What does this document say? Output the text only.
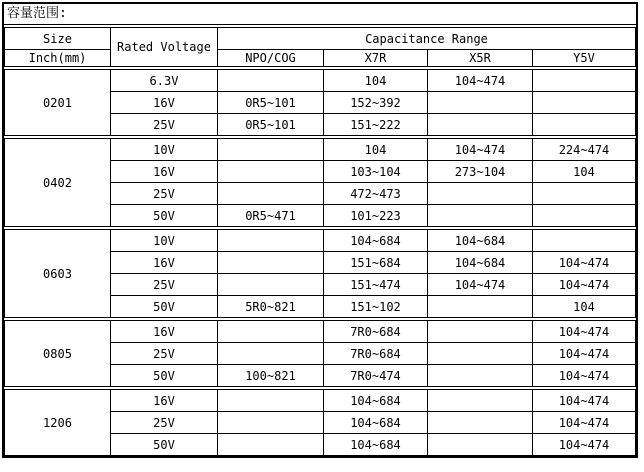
容量范围:
Size	Rated Voltage	Capacitance Range			
Inch(mm)		NPO/COG	X7R	X5R	Y5V
0201	6.3V		104	104~474	
	16V	0R5~101	152~392		
	25V	0R5~101	151~222		
0402	10V		104	104~474	224~474
	16V		103~104	273~104	104
	25V		472~473		
	50V	0R5~471	101~223		
0603	10V		104~684	104~684	
	16V		151~684	104~684	104~474
	25V		151~474	104~474	104~474
	50V	5R0~821	151~102		104
0805	16V		7R0~684		104~474
	25V		7R0~684		104~474
	50V	100~821	7R0~474		104~474
1206	16V		104~684		104~474
	25V		104~684		104~474
	50V		104~684		104~474
